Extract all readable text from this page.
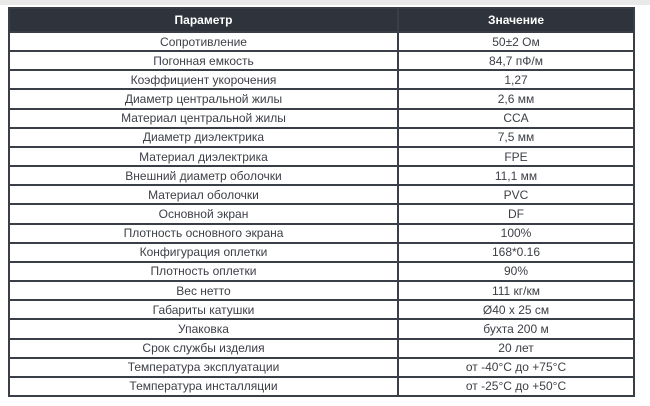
Параметр	Значение
Сопротивление	50±2 Ом
Погонная емкость	84,7 пФ/м
Коэффициент укорочения	1,27
Диаметр центральной жилы	2,6 мм
Материал центральной жилы	CCA
Диаметр диэлектрика	7,5 мм
Материал диэлектрика	FPE
Внешний диаметр оболочки	11,1 мм
Материал оболочки	PVC
Основной экран	DF
Плотность основного экрана	100%
Конфигурация оплетки	168*0.16
Плотность оплетки	90%
Вес нетто	111 кг/км
Габариты катушки	Ø40 x 25 см
Упаковка	бухта 200 м
Срок службы изделия	20 лет
Температура эксплуатации	от -40°C до +75°C
Температура инсталляции	от -25°C до +50°C
